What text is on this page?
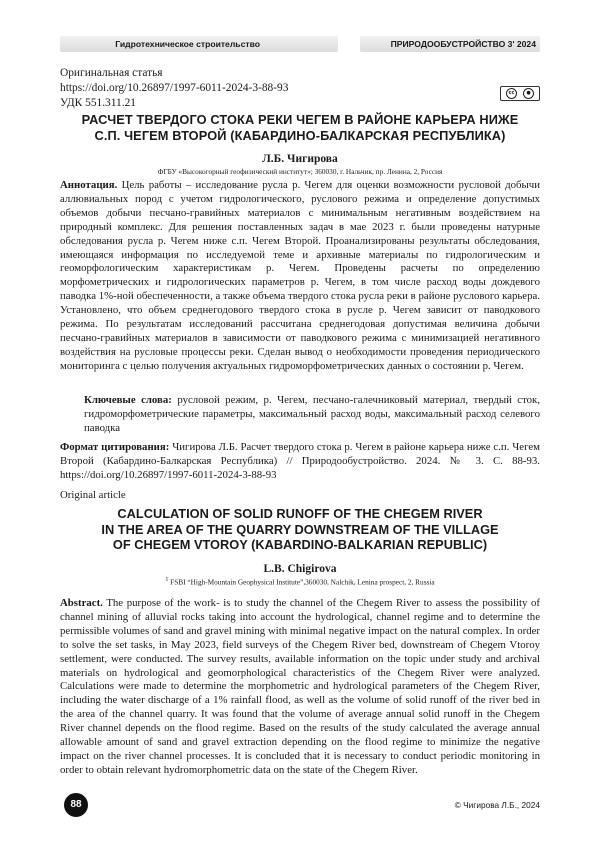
Гидротехническое строительство	ПРИРОДООБУСТРОЙСТВО 3' 2024
Оригинальная статья
https://doi.org/10.26897/1997-6011-2024-3-88-93
УДК 551.311.21
cc	●
РАСЧЕТ ТВЕРДОГО СТОКА РЕКИ ЧЕГЕМ В РАЙОНЕ КАРЬЕРА НИЖЕ
С.П. ЧЕГЕМ ВТОРОЙ (КАБАРДИНО-БАЛКАРСКАЯ РЕСПУБЛИКА)
Л.Б. Чигирова
ФГБУ «Высокогорный геофизический институт»; 360030, г. Нальчик, пр. Ленина, 2, Россия
Аннотация. Цель работы – исследование русла р. Чегем для оценки возможности русловой добычи аллювиальных пород с учетом гидрологического, руслового режима и определение допустимых объемов добычи песчано-гравийных материалов с минимальным негативным воздействием на природный комплекс. Для решения поставленных задач в мае 2023 г. были проведены натурные обследования русла р. Чегем ниже с.п. Чегем Второй. Проанализированы результаты обследования, имеющаяся информация по исследуемой теме и архивные материалы по гидрологическим и геоморфологическим характеристикам р. Чегем. Проведены расчеты по определению морфометрических и гидрологических параметров р. Чегем, в том числе расход воды дождевого паводка 1%-ной обеспеченности, а также объема твердого стока русла реки в районе руслового карьера. Установлено, что объем среднегодового твердого стока в русле р. Чегем зависит от паводкового режима. По результатам исследований рассчитана среднегодовая допустимая величина добычи песчано-гравийных материалов в зависимости от паводкового режима с минимизацией негативного воздействия на русловые процессы реки. Сделан вывод о необходимости проведения периодического мониторинга с целью получения актуальных гидроморфометрических данных о состоянии р. Чегем.
Ключевые слова: русловой режим, р. Чегем, песчано-галечниковый материал, твердый сток, гидроморфометрические параметры, максимальный расход воды, максимальный расход селевого паводка
Формат цитирования: Чигирова Л.Б. Расчет твердого стока р. Чегем в районе карьера ниже с.п. Чегем Второй (Кабардино-Балкарская Республика) // Природообустройство. 2024. № 3. С. 88-93. https://doi.org/10.26897/1997-6011-2024-3-88-93
Original article
CALCULATION OF SOLID RUNOFF OF THE CHEGEM RIVER
IN THE AREA OF THE QUARRY DOWNSTREAM OF THE VILLAGE
OF CHEGEM VTOROY (KABARDINO-BALKARIAN REPUBLIC)
L.B. Chigirova
$^1$ FSBI “High-Mountain Geophysical Institute”,360030, Nalchik, Lenina prospect, 2, Russia
Abstract. The purpose of the work- is to study the channel of the Chegem River to assess the possibility of channel mining of alluvial rocks taking into account the hydrological, channel regime and to determine the permissible volumes of sand and gravel mining with minimal negative impact on the natural complex. In order to solve the set tasks, in May 2023, field surveys of the Chegem River bed, downstream of Chegem Vtoroy settlement, were conducted. The survey results, available information on the topic under study and archival materials on hydrological and geomorphological characteristics of the Chegem River were analyzed. Calculations were made to determine the morphometric and hydrological parameters of the Chegem River, including the water discharge of a 1% rainfall flood, as well as the volume of solid runoff of the river bed in the area of the channel quarry. It was found that the volume of average annual solid runoff in the Chegem River channel depends on the flood regime. Based on the results of the study calculated the average annual allowable amount of sand and gravel extraction depending on the flood regime to minimize the negative impact on the river channel processes. It is concluded that it is necessary to conduct periodic monitoring in order to obtain relevant hydromorphometric data on the state of the Chegem River.
88	© Чигирова Л.Б., 2024
